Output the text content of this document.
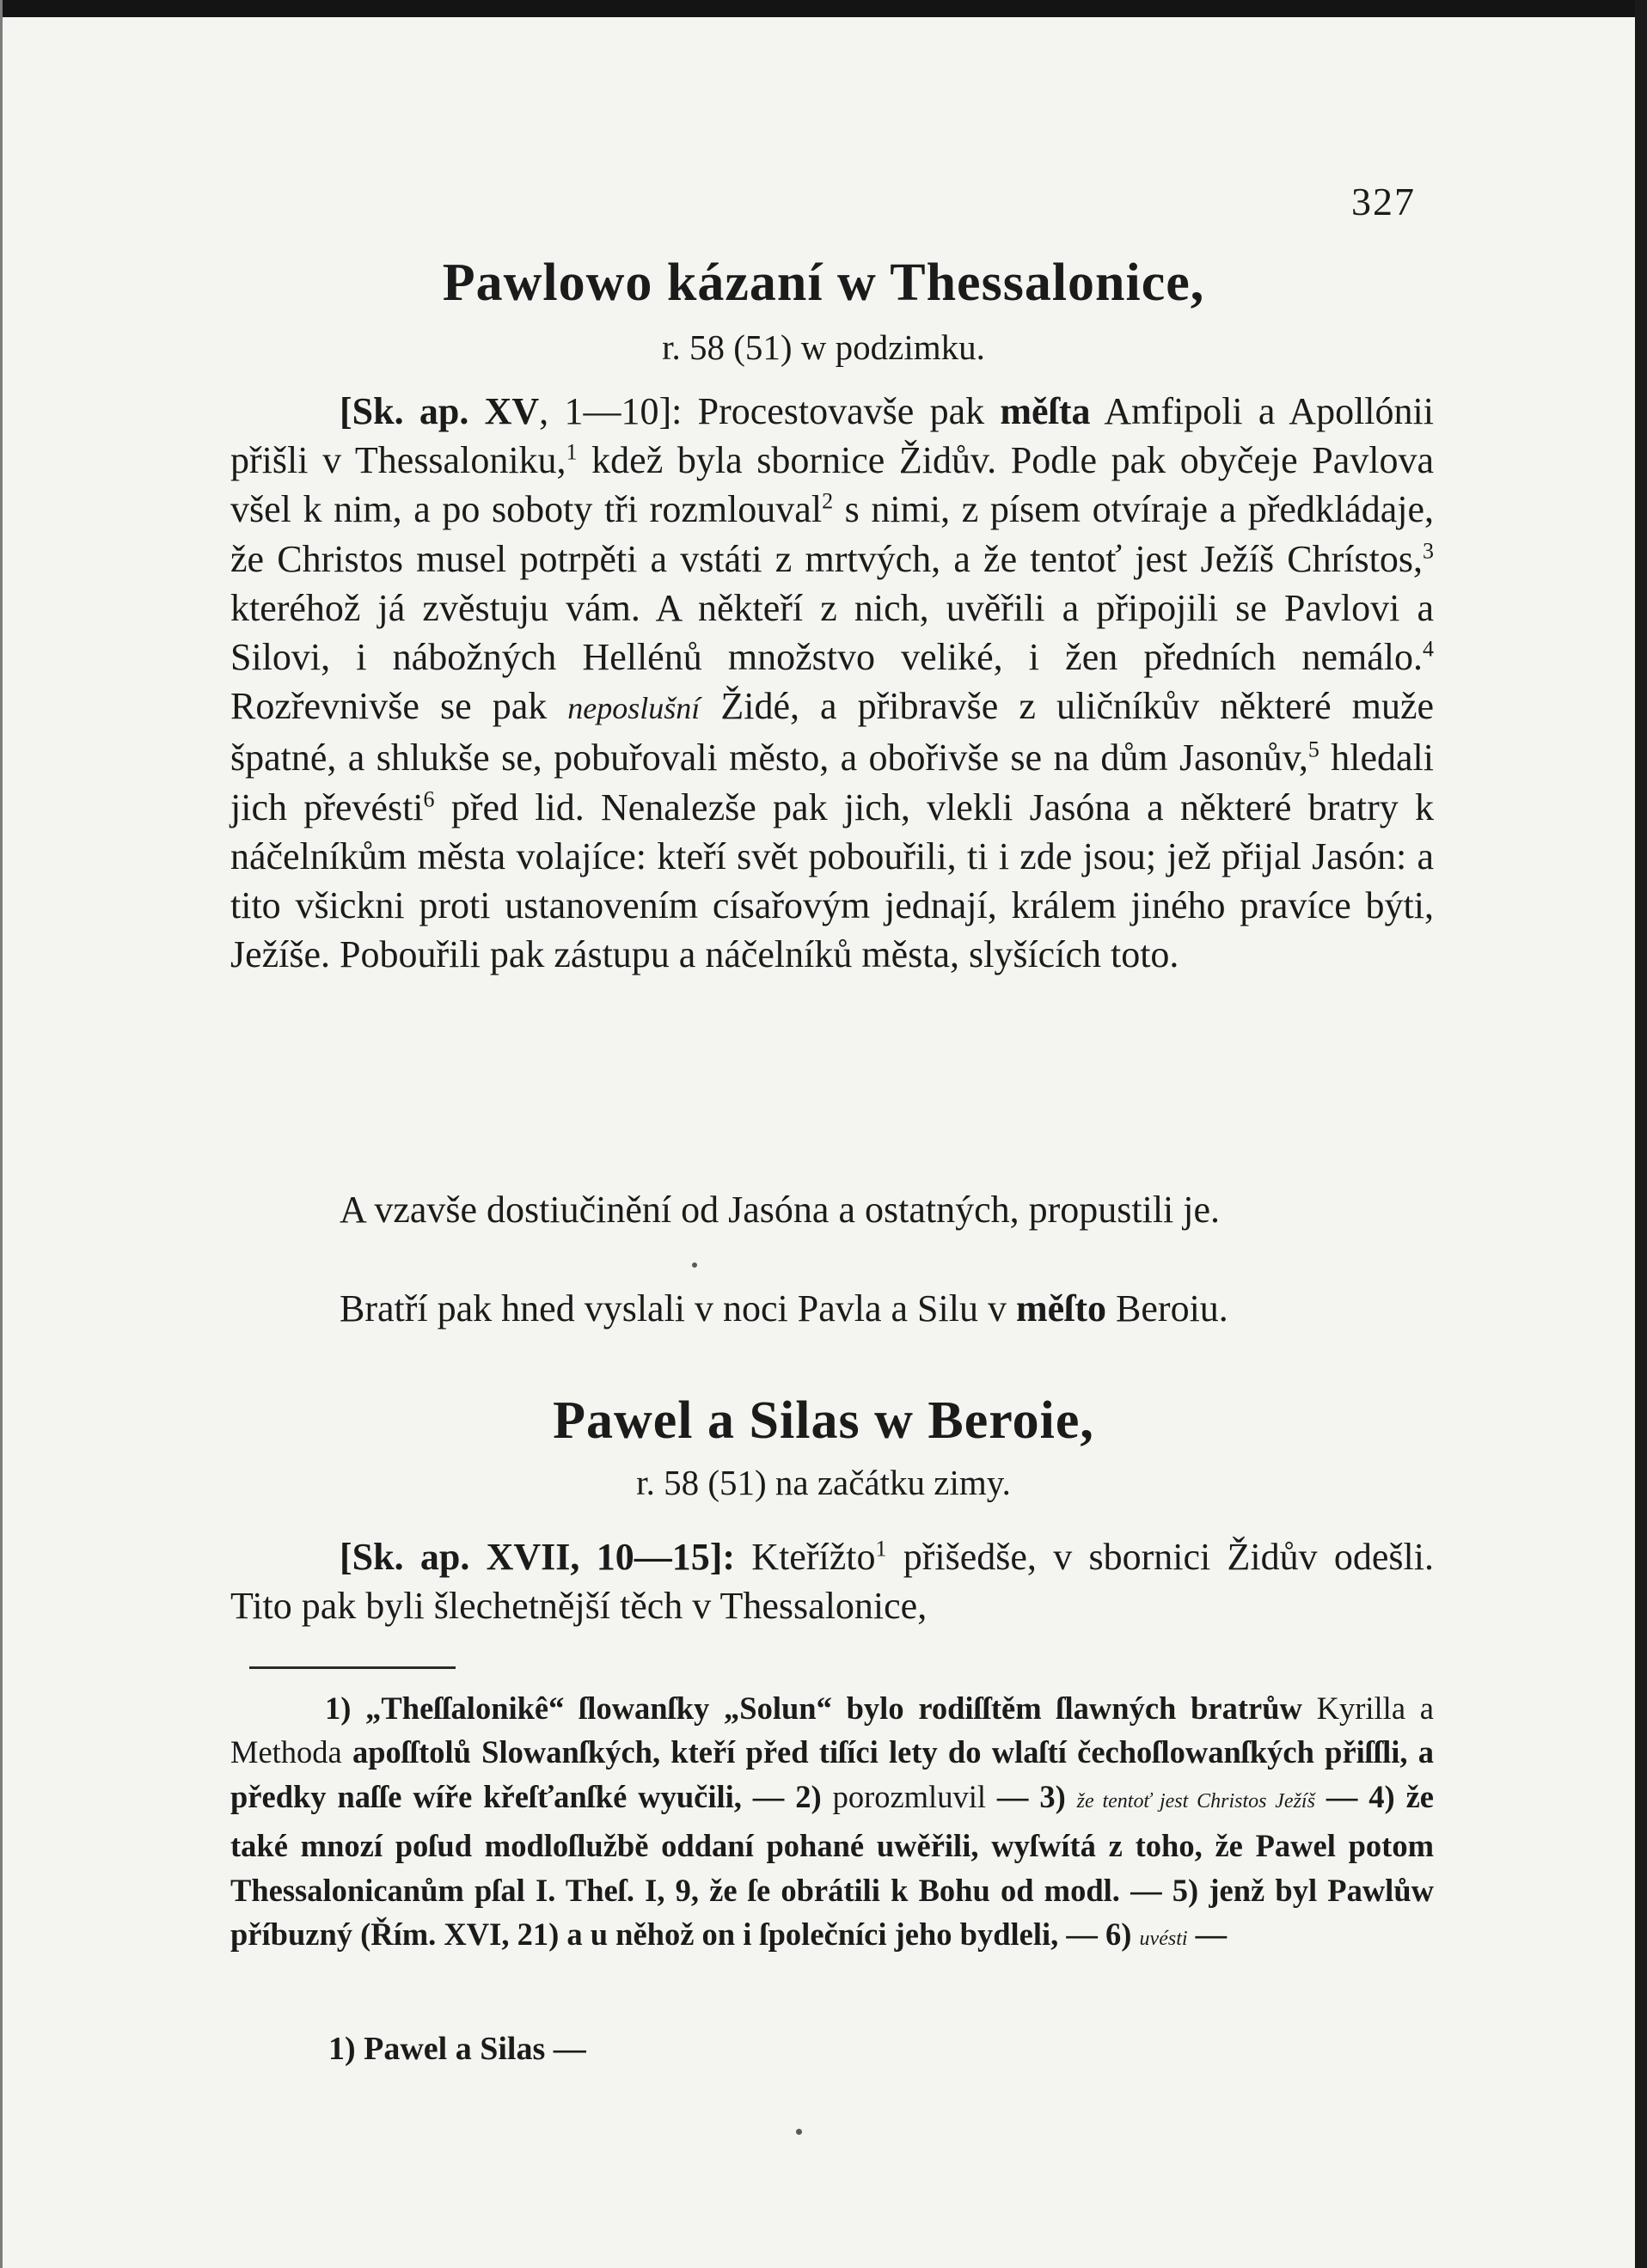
327
Pawlowo kázaní w Thessalonice,
r. 58 (51) w podzimku.

[Sk. ap. XV, 1—10]: Procestovavše pak měſta Amfipoli a Apollónii přišli v Thessaloniku,$^1$ kdež byla sbornice Židův. Podle pak obyčeje Pavlova všel k nim, a po soboty tři rozmlouval$^2$ s nimi, z písem otvíraje a předkládaje, že Christos musel potrpěti a vstáti z mrtvých, a že tentoť jest Ježíš Chrístos,$^3$ kteréhož já zvěstuju vám. A někteří z nich, uvěřili a připojili se Pavlovi a Silovi, i nábožných Hellénů množstvo veliké, i žen předních nemálo.$^4$ Rozřevnivše se pak neposlušní Židé, a přibravše z uličníkův některé muže špatné, a shlukše se, pobuřovali město, a obořivše se na dům Jasonův,$^5$ hledali jich převésti$^6$ před lid. Nenalezše pak jich, vlekli Jasóna a některé bratry k náčelníkům města volajíce: kteří svět pobouřili, ti i zde jsou; jež přijal Jasón: a tito všickni proti ustanovením císařovým jednají, králem jiného pravíce býti, Ježíše. Pobouřili pak zástupu a náčelníků města, slyšících toto.

A vzavše dostiučinění od Jasóna a ostatných, propustili je.

Bratří pak hned vyslali v noci Pavla a Silu v měſto Beroiu.

Pawel a Silas w Beroie,
r. 58 (51) na začátku zimy.

[Sk. ap. XVII, 10—15]: Kteřížto$^1$ přišedše, v sbornici Židův odešli. Tito pak byli šlechetnější těch v Thessalonice,

1) „Theſſalonikê“ ſlowanſky „Solun“ bylo rodiſſtěm ſlawných bratrůw Kyrilla a Methoda apoſſtolů Slowanſkých, kteří před tiſíci lety do wlaſtí čechoſlowanſkých přiſſli, a předky naſſe wíře křeſťanſké wyučili, — 2) porozmluvil — 3) že tentoť jest Christos Ježíš — 4) že také mnozí poſud modloſlužbě oddaní pohané uwěřili, wyſwítá z toho, že Pawel potom Thessalonicanům pſal I. Theſ. I, 9, že ſe obrátili k Bohu od modl. — 5) jenž byl Pawlůw příbuzný (Řím. XVI, 21) a u něhož on i ſpolečníci jeho bydleli, — 6) uvésti —

1) Pawel a Silas —
